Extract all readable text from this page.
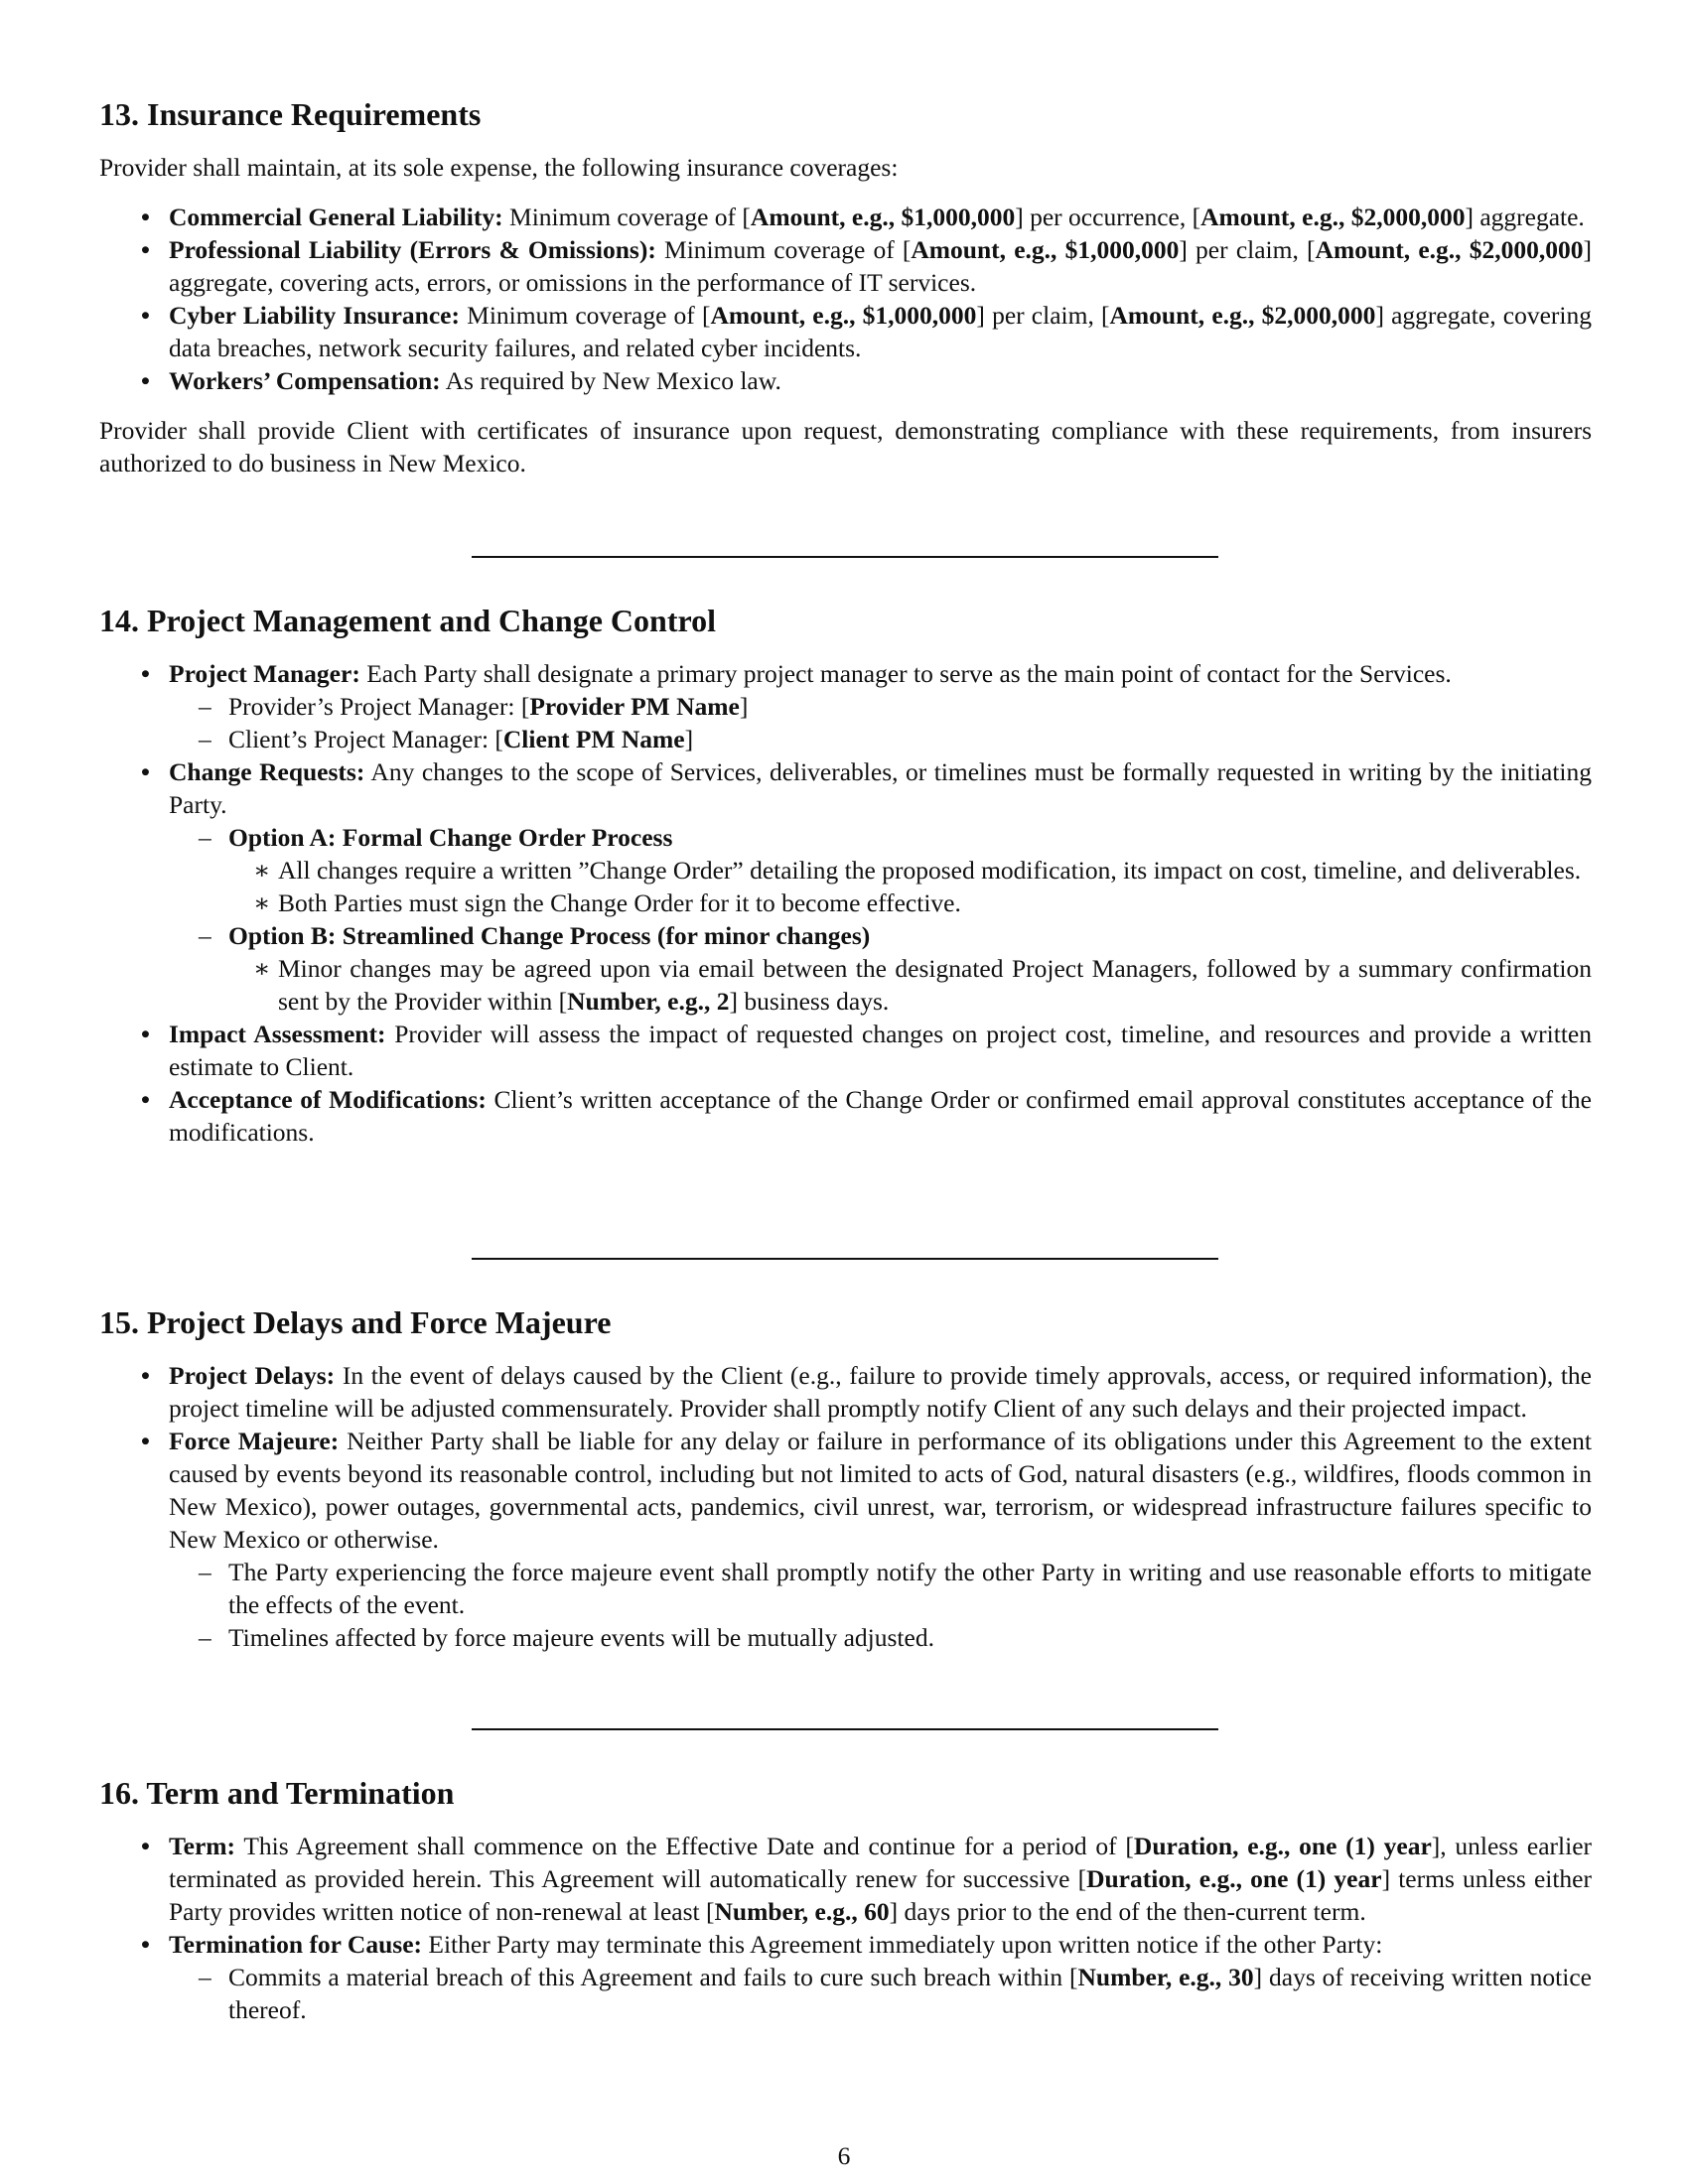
13. Insurance Requirements

Provider shall maintain, at its sole expense, the following insurance coverages:

• Commercial General Liability: Minimum coverage of [Amount, e.g., $1,000,000] per occurrence, [Amount, e.g., $2,000,000] aggregate.
• Professional Liability (Errors & Omissions): Minimum coverage of [Amount, e.g., $1,000,000] per claim, [Amount, e.g., $2,000,000] aggregate, covering acts, errors, or omissions in the performance of IT services.
• Cyber Liability Insurance: Minimum coverage of [Amount, e.g., $1,000,000] per claim, [Amount, e.g., $2,000,000] aggregate, covering data breaches, network security failures, and related cyber incidents.
• Workers’ Compensation: As required by New Mexico law.

Provider shall provide Client with certificates of insurance upon request, demonstrating compliance with these requirements, from insurers authorized to do business in New Mexico.

14. Project Management and Change Control
• Project Manager: Each Party shall designate a primary project manager to serve as the main point of contact for the Services.
– Provider’s Project Manager: [Provider PM Name]
– Client’s Project Manager: [Client PM Name]
• Change Requests: Any changes to the scope of Services, deliverables, or timelines must be formally requested in writing by the initiating Party.
– Option A: Formal Change Order Process
∗ All changes require a written ”Change Order” detailing the proposed modification, its impact on cost, timeline, and deliverables.
∗ Both Parties must sign the Change Order for it to become effective.
– Option B: Streamlined Change Process (for minor changes)
∗ Minor changes may be agreed upon via email between the designated Project Managers, followed by a summary confirmation sent by the Provider within [Number, e.g., 2] business days.
• Impact Assessment: Provider will assess the impact of requested changes on project cost, timeline, and resources and provide a written estimate to Client.
• Acceptance of Modifications: Client’s written acceptance of the Change Order or confirmed email approval constitutes acceptance of the modifications.
15. Project Delays and Force Majeure
• Project Delays: In the event of delays caused by the Client (e.g., failure to provide timely approvals, access, or required information), the project timeline will be adjusted commensurately. Provider shall promptly notify Client of any such delays and their projected impact.
• Force Majeure: Neither Party shall be liable for any delay or failure in performance of its obligations under this Agreement to the extent caused by events beyond its reasonable control, including but not limited to acts of God, natural disasters (e.g., wildfires, floods common in New Mexico), power outages, governmental acts, pandemics, civil unrest, war, terrorism, or widespread infrastructure failures specific to New Mexico or otherwise.
– The Party experiencing the force majeure event shall promptly notify the other Party in writing and use reasonable efforts to mitigate the effects of the event.
– Timelines affected by force majeure events will be mutually adjusted.
16. Term and Termination
• Term: This Agreement shall commence on the Effective Date and continue for a period of [Duration, e.g., one (1) year], unless earlier terminated as provided herein. This Agreement will automatically renew for successive [Duration, e.g., one (1) year] terms unless either Party provides written notice of non-renewal at least [Number, e.g., 60] days prior to the end of the then-current term.
• Termination for Cause: Either Party may terminate this Agreement immediately upon written notice if the other Party:
– Commits a material breach of this Agreement and fails to cure such breach within [Number, e.g., 30] days of receiving written notice thereof.
6
